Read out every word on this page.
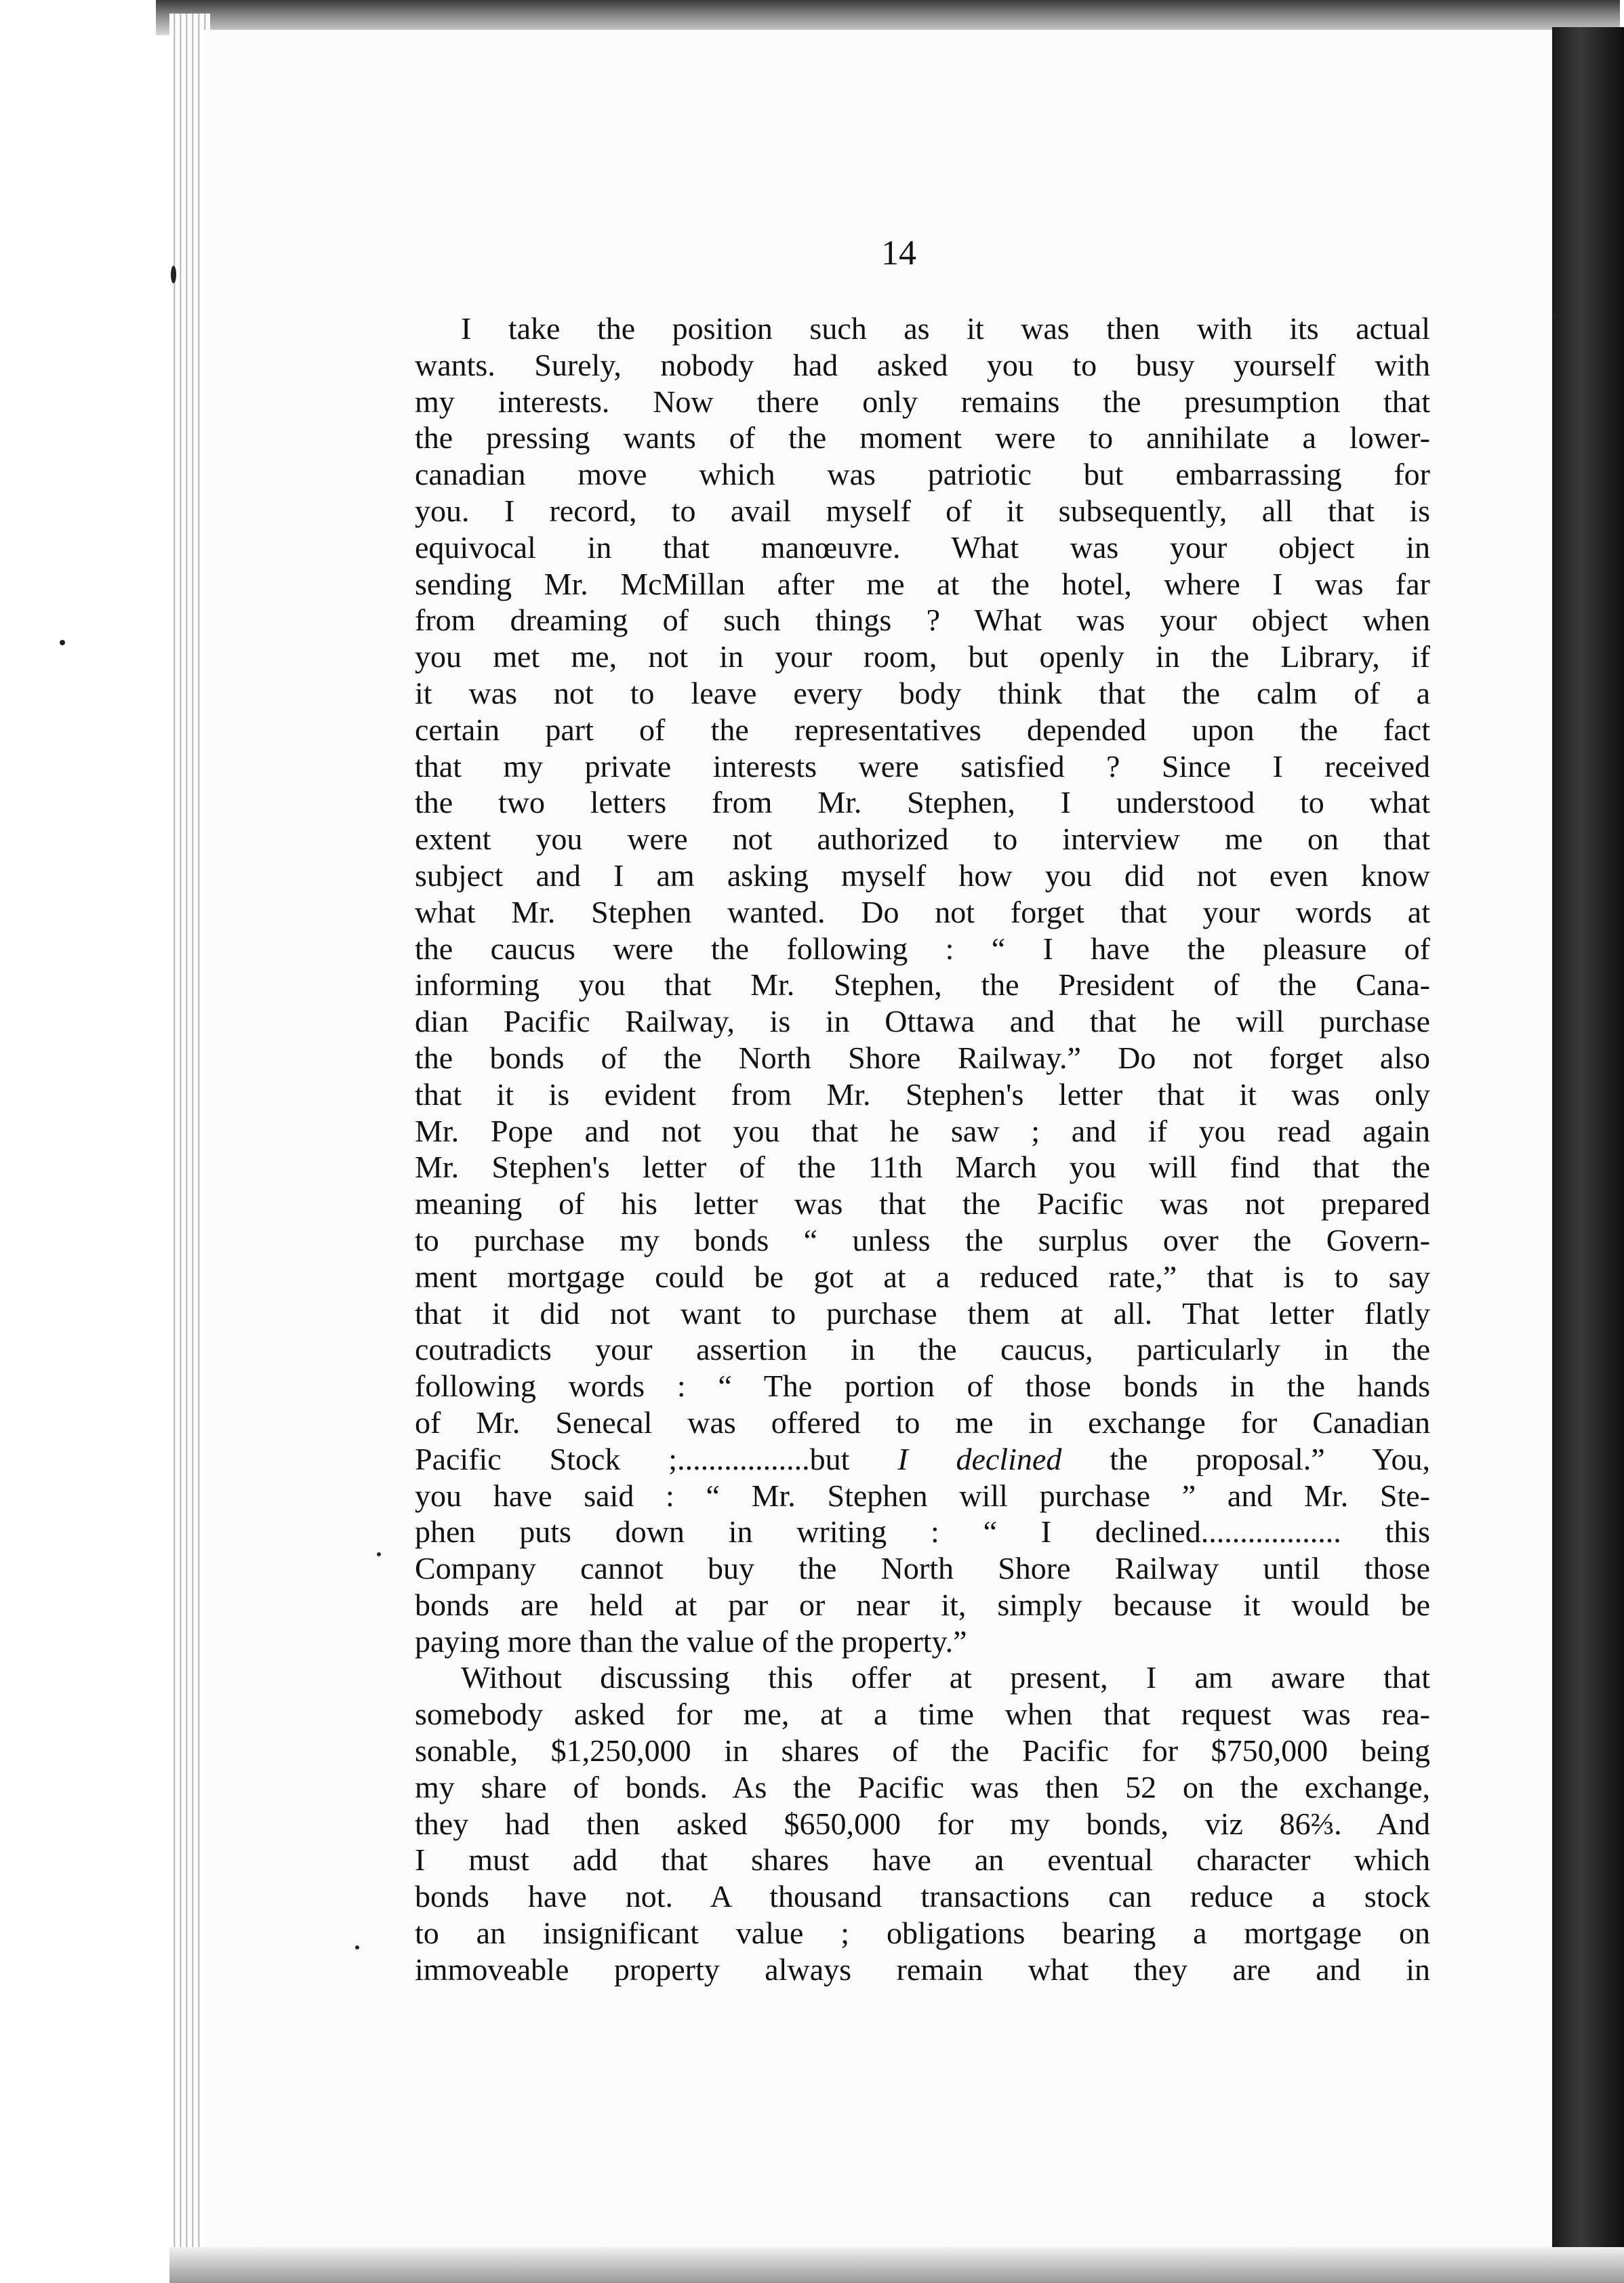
14
I take the position such as it was then with its actual
wants. Surely, nobody had asked you to busy yourself with
my interests. Now there only remains the presumption that
the pressing wants of the moment were to annihilate a lower-
canadian move which was patriotic but embarrassing for
you. I record, to avail myself of it subsequently, all that is
equivocal in that manœuvre. What was your object in
sending Mr. McMillan after me at the hotel, where I was far
from dreaming of such things ? What was your object when
you met me, not in your room, but openly in the Library, if
it was not to leave every body think that the calm of a
certain part of the representatives depended upon the fact
that my private interests were satisfied ? Since I received
the two letters from Mr. Stephen, I understood to what
extent you were not authorized to interview me on that
subject and I am asking myself how you did not even know
what Mr. Stephen wanted. Do not forget that your words at
the caucus were the following : “ I have the pleasure of
informing you that Mr. Stephen, the President of the Cana-
dian Pacific Railway, is in Ottawa and that he will purchase
the bonds of the North Shore Railway.” Do not forget also
that it is evident from Mr. Stephen's letter that it was only
Mr. Pope and not you that he saw ; and if you read again
Mr. Stephen's letter of the 11th March you will find that the
meaning of his letter was that the Pacific was not prepared
to purchase my bonds “ unless the surplus over the Govern-
ment mortgage could be got at a reduced rate,” that is to say
that it did not want to purchase them at all. That letter flatly
coutradicts your assertion in the caucus, particularly in the
following words : “ The portion of those bonds in the hands
of Mr. Senecal was offered to me in exchange for Canadian
Pacific Stock ;.................but I declined the proposal.” You,
you have said : “ Mr. Stephen will purchase ” and Mr. Ste-
phen puts down in writing : “ I declined.................. this
Company cannot buy the North Shore Railway until those
bonds are held at par or near it, simply because it would be
paying more than the value of the property.”
Without discussing this offer at present, I am aware that
somebody asked for me, at a time when that request was rea-
sonable, $1,250,000 in shares of the Pacific for $750,000 being
my share of bonds. As the Pacific was then 52 on the exchange,
they had then asked $650,000 for my bonds, viz 86⅔. And
I must add that shares have an eventual character which
bonds have not. A thousand transactions can reduce a stock
to an insignificant value ; obligations bearing a mortgage on
immoveable property always remain what they are and in
